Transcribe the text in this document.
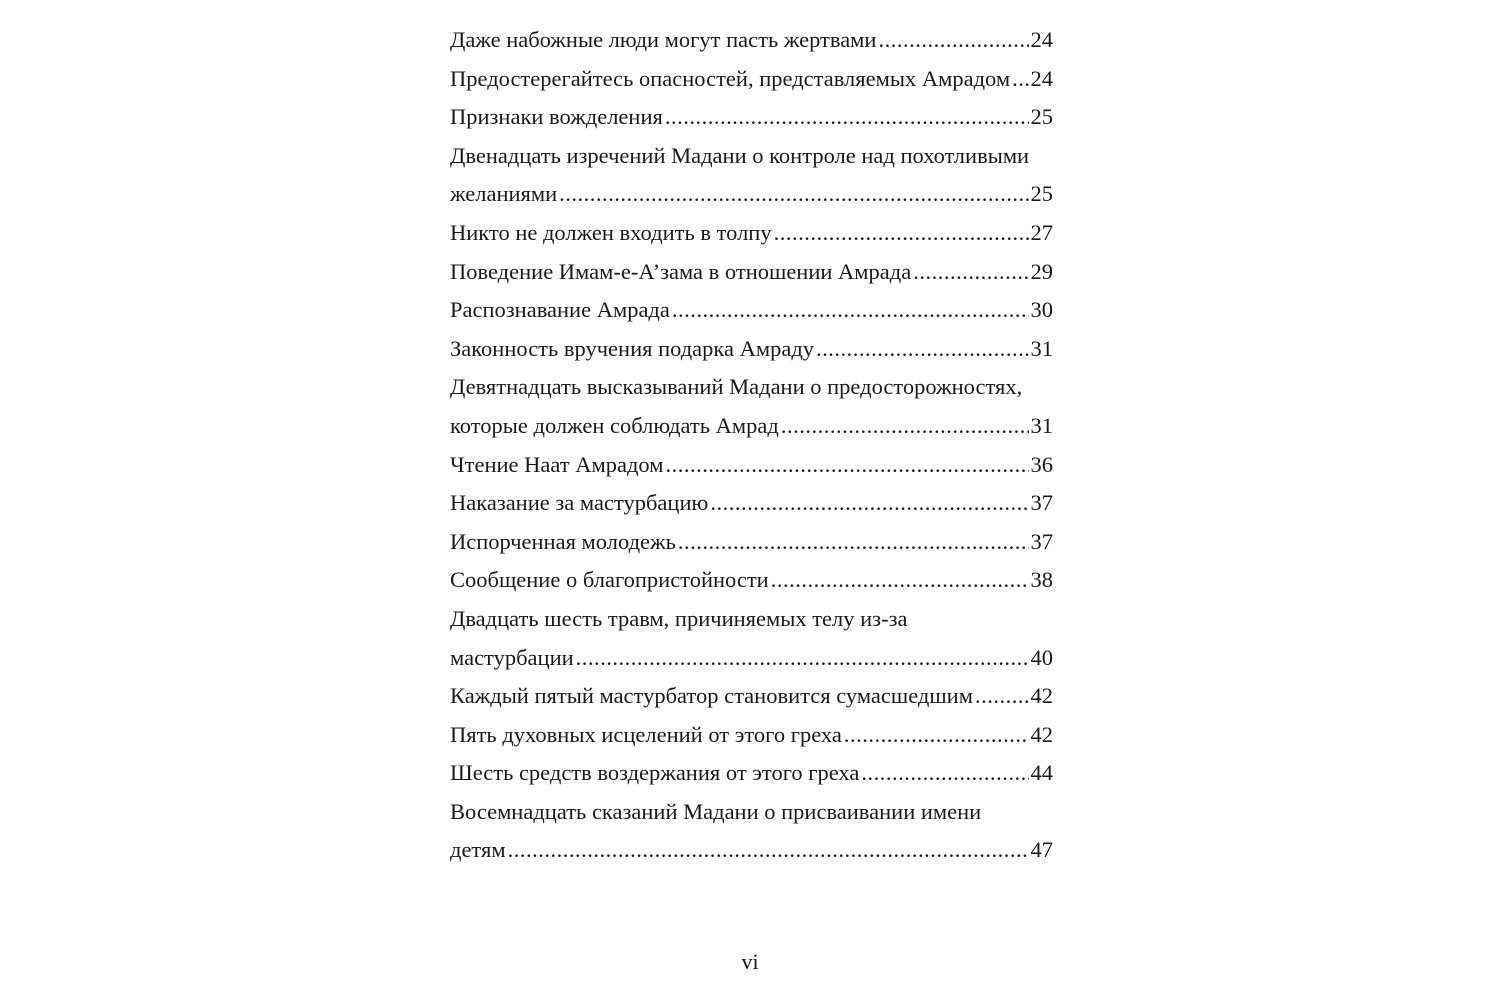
Даже набожные люди могут пасть жертвами .....	24
Предостерегайтесь опасностей, представляемых Амрадом ..... 24
Признаки вожделения .....	25
Двенадцать изречений Мадани о контроле над похотливыми
желаниями .....	25
Никто не должен входить в толпу .....	27
Поведение Имам-е-А’зама в отношении Амрада .....	29
Распознавание Амрада .....	30
Законность вручения подарка Амраду .....	31
Девятнадцать высказываний Мадани о предосторожностях,
которые должен соблюдать Амрад .....	31
Чтение Наат Амрадом .....	36
Наказание за мастурбацию .....	37
Испорченная молодежь .....	37
Сообщение о благопристойности .....	38
Двадцать шесть травм, причиняемых телу из-за
мастурбации .....	40
Каждый пятый мастурбатор становится сумасшедшим .....	42
Пять духовных исцелений от этого греха .....	42
Шесть средств воздержания от этого греха .....	44
Восемнадцать сказаний Мадани о присваивании имени
детям .....	47
vi
